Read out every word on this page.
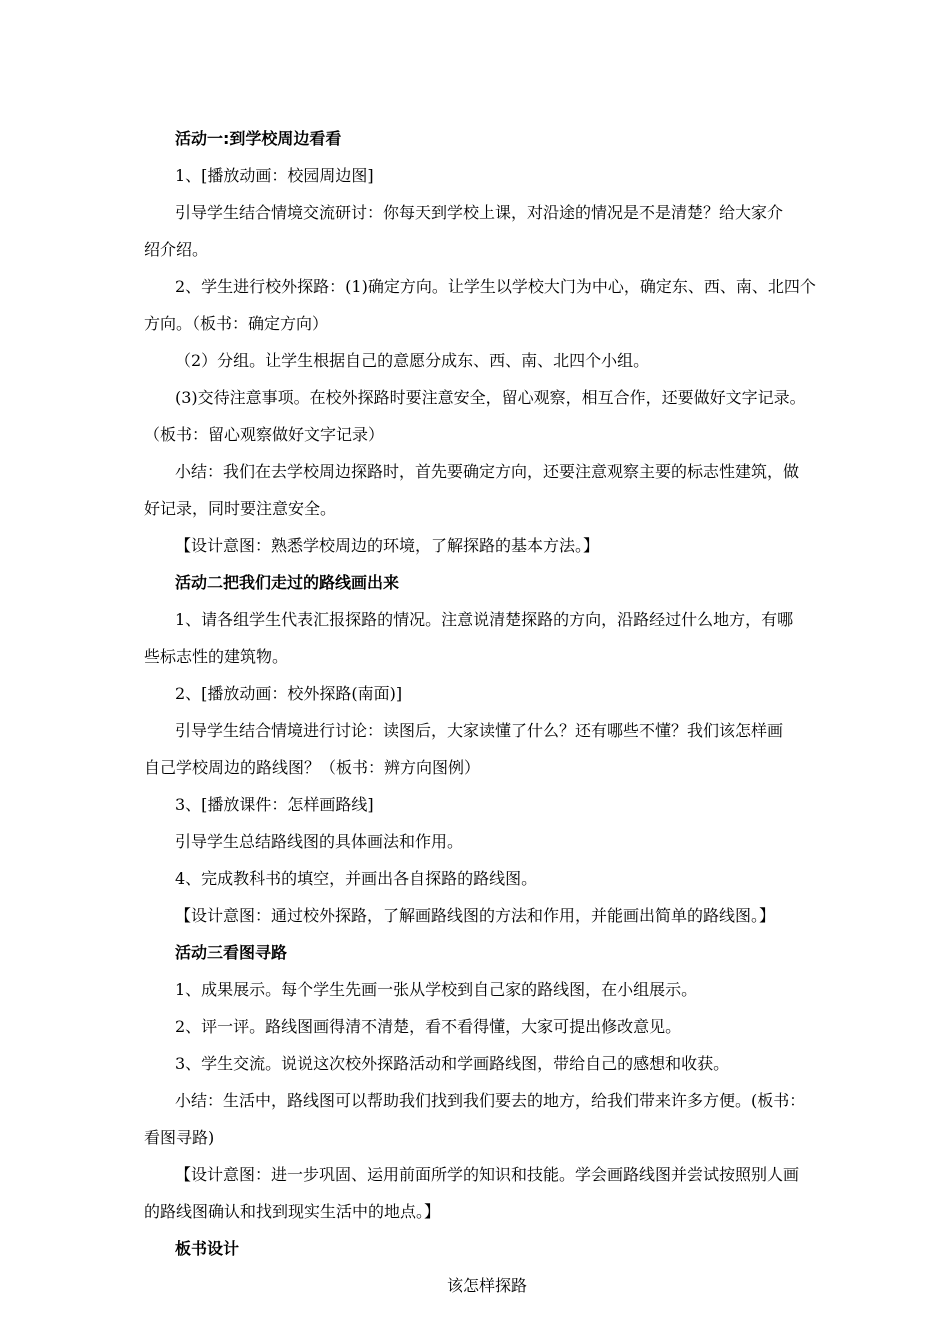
活动一:到学校周边看看

1、[播放动画：校园周边图]

引导学生结合情境交流研讨：你每天到学校上课，对沿途的情况是不是清楚？给大家介

绍介绍。

2、学生进行校外探路：(1)确定方向。让学生以学校大门为中心，确定东、西、南、北四个

方向。（板书：确定方向）

（2）分组。让学生根据自己的意愿分成东、西、南、北四个小组。

(3)交待注意事项。在校外探路时要注意安全，留心观察，相互合作，还要做好文字记录。

（板书：留心观察做好文字记录）

小结：我们在去学校周边探路时，首先要确定方向，还要注意观察主要的标志性建筑，做

好记录，同时要注意安全。

【设计意图：熟悉学校周边的环境，了解探路的基本方法。】

活动二把我们走过的路线画出来

1、请各组学生代表汇报探路的情况。注意说清楚探路的方向，沿路经过什么地方，有哪

些标志性的建筑物。

2、[播放动画：校外探路(南面)]

引导学生结合情境进行讨论：读图后，大家读懂了什么？还有哪些不懂？我们该怎样画

自己学校周边的路线图？（板书：辨方向图例）

3、[播放课件：怎样画路线]

引导学生总结路线图的具体画法和作用。

4、完成教科书的填空，并画出各自探路的路线图。

【设计意图：通过校外探路，了解画路线图的方法和作用，并能画出简单的路线图。】

活动三看图寻路

1、成果展示。每个学生先画一张从学校到自己家的路线图，在小组展示。

2、评一评。路线图画得清不清楚，看不看得懂，大家可提出修改意见。

3、学生交流。说说这次校外探路活动和学画路线图，带给自己的感想和收获。

小结：生活中，路线图可以帮助我们找到我们要去的地方，给我们带来许多方便。(板书：

看图寻路)

【设计意图：进一步巩固、运用前面所学的知识和技能。学会画路线图并尝试按照别人画

的路线图确认和找到现实生活中的地点。】

板书设计

该怎样探路
